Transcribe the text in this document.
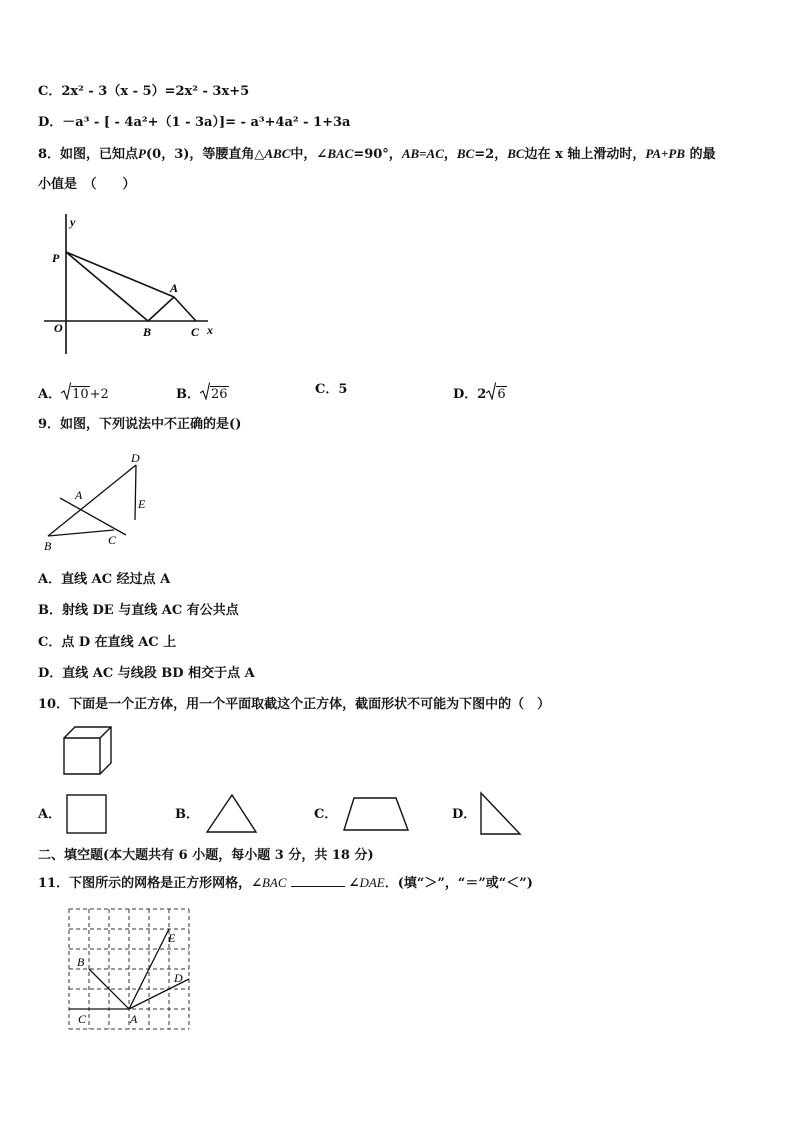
C．2x² - 3（x - 5）=2x² - 3x+5
D．－a³ - [ - 4a²+（1 - 3a）]= - a³+4a² - 1+3a
8．如图，已知点P(0，3)，等腰直角△ABC中，∠BAC=90°，AB=AC，BC=2，BC边在 x 轴上滑动时，PA+PB 的最
小值是　（　　）
y
P
A
O	B	C x
A． 10+2	B． 26	C．5	D．2 6
9．如图，下列说法中不正确的是()
D
A
E
B	C
A．直线 AC 经过点 A
B．射线 DE 与直线 AC 有公共点
C．点 D 在直线 AC 上
D．直线 AC 与线段 BD 相交于点 A
10．下面是一个正方体，用一个平面取截这个正方体，截面形状不可能为下图中的（　）
A．	B．	C．	D．
二、填空题(本大题共有 6 小题，每小题 3 分，共 18 分)
11．下图所示的网格是正方形网格，∠BAC	∠DAE．(填“＞”，“＝”或“＜”)
B
E
D
C	A
